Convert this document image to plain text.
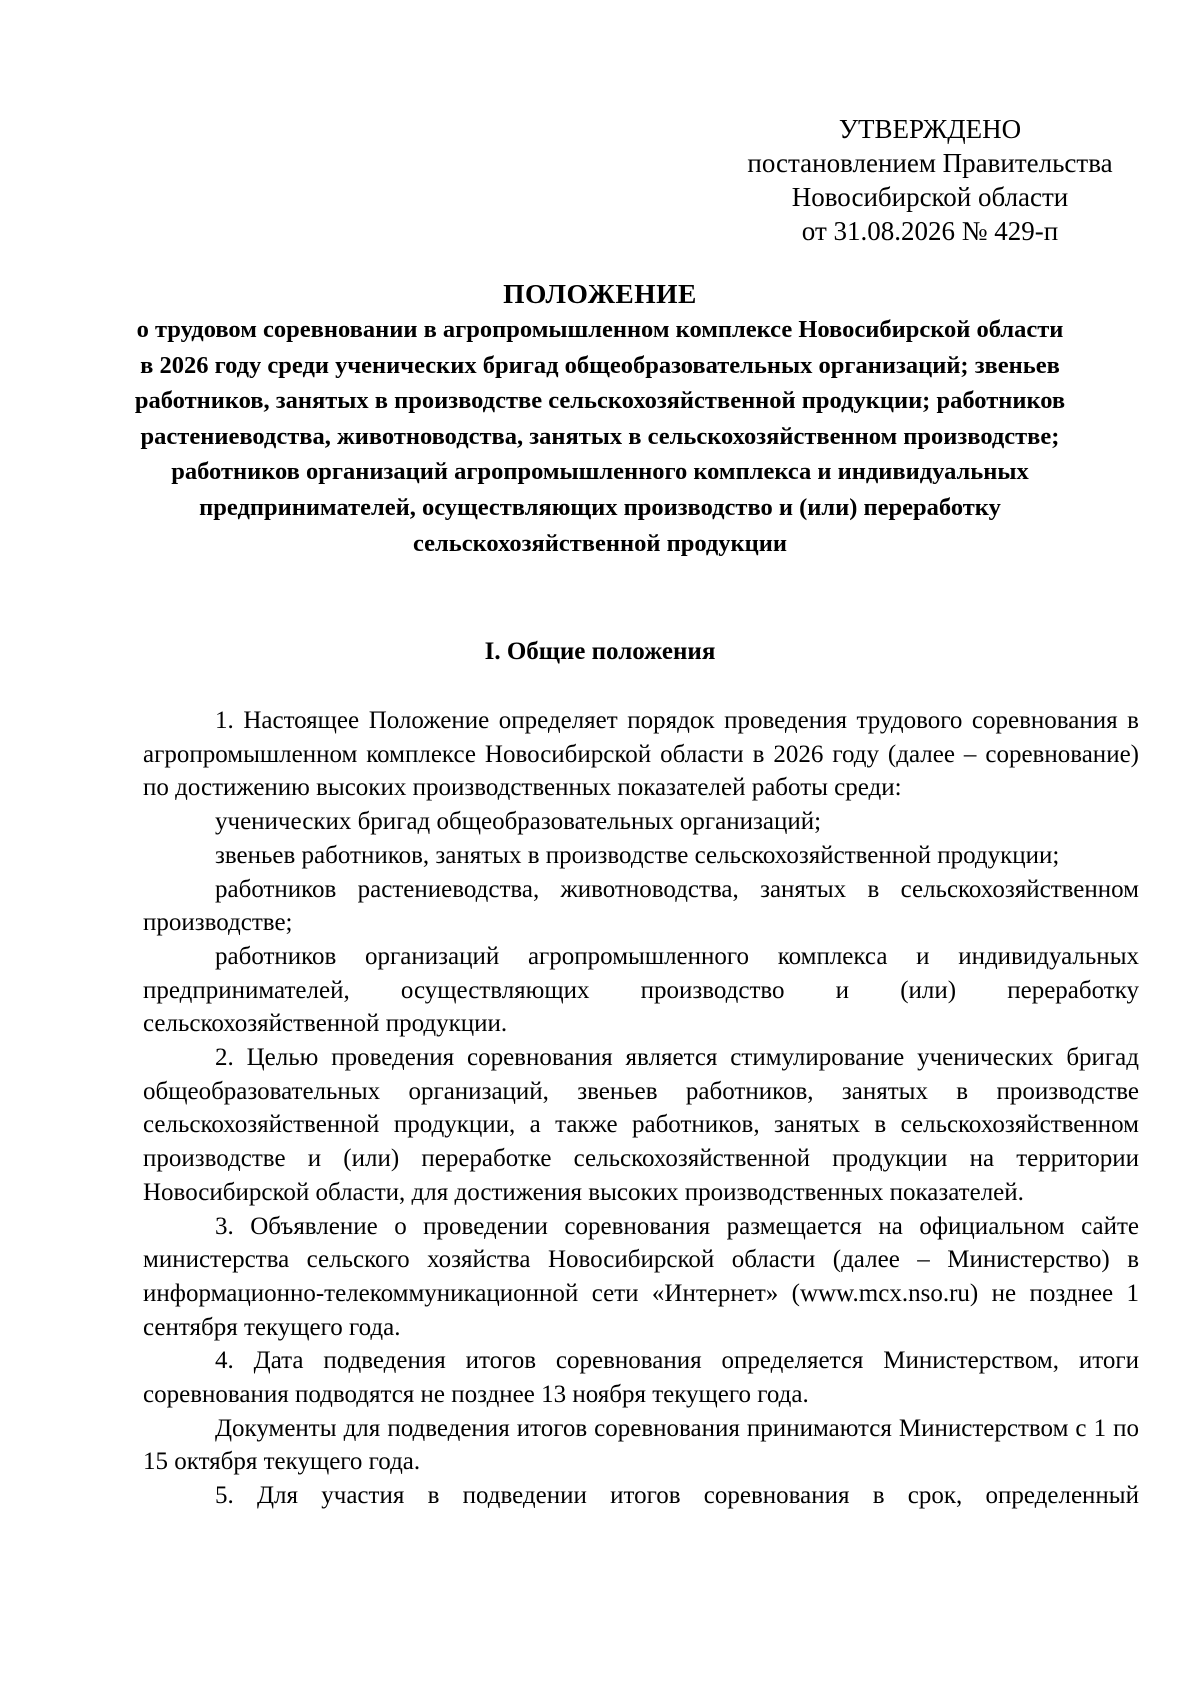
УТВЕРЖДЕНО
постановлением Правительства
Новосибирской области
от 31.08.2026 № 429-п
ПОЛОЖЕНИЕ
о трудовом соревновании в агропромышленном комплексе Новосибирской области в 2026 году среди ученических бригад общеобразовательных организаций; звеньев работников, занятых в производстве сельскохозяйственной продукции; работников растениеводства, животноводства, занятых в сельскохозяйственном производстве; работников организаций агропромышленного комплекса и индивидуальных предпринимателей, осуществляющих производство и (или) переработку сельскохозяйственной продукции
I. Общие положения

1. Настоящее Положение определяет порядок проведения трудового соревнования в агропромышленном комплексе Новосибирской области в 2026 году (далее – соревнование) по достижению высоких производственных показателей работы среди:

ученических бригад общеобразовательных организаций;

звеньев работников, занятых в производстве сельскохозяйственной продукции;

работников растениеводства, животноводства, занятых в сельскохозяйственном производстве;

работников организаций агропромышленного комплекса и индивидуальных предпринимателей, осуществляющих производство и (или) переработку сельскохозяйственной продукции.

2. Целью проведения соревнования является стимулирование ученических бригад общеобразовательных организаций, звеньев работников, занятых в производстве сельскохозяйственной продукции, а также работников, занятых в сельскохозяйственном производстве и (или) переработке сельскохозяйственной продукции на территории Новосибирской области, для достижения высоких производственных показателей.

3. Объявление о проведении соревнования размещается на официальном сайте министерства сельского хозяйства Новосибирской области (далее – Министерство) в информационно-телекоммуникационной сети «Интернет» (www.mcx.nso.ru) не позднее 1 сентября текущего года.

4. Дата подведения итогов соревнования определяется Министерством, итоги соревнования подводятся не позднее 13 ноября текущего года.

Документы для подведения итогов соревнования принимаются Министерством с 1 по 15 октября текущего года.

5. Для участия в подведении итогов соревнования в срок, определенный
